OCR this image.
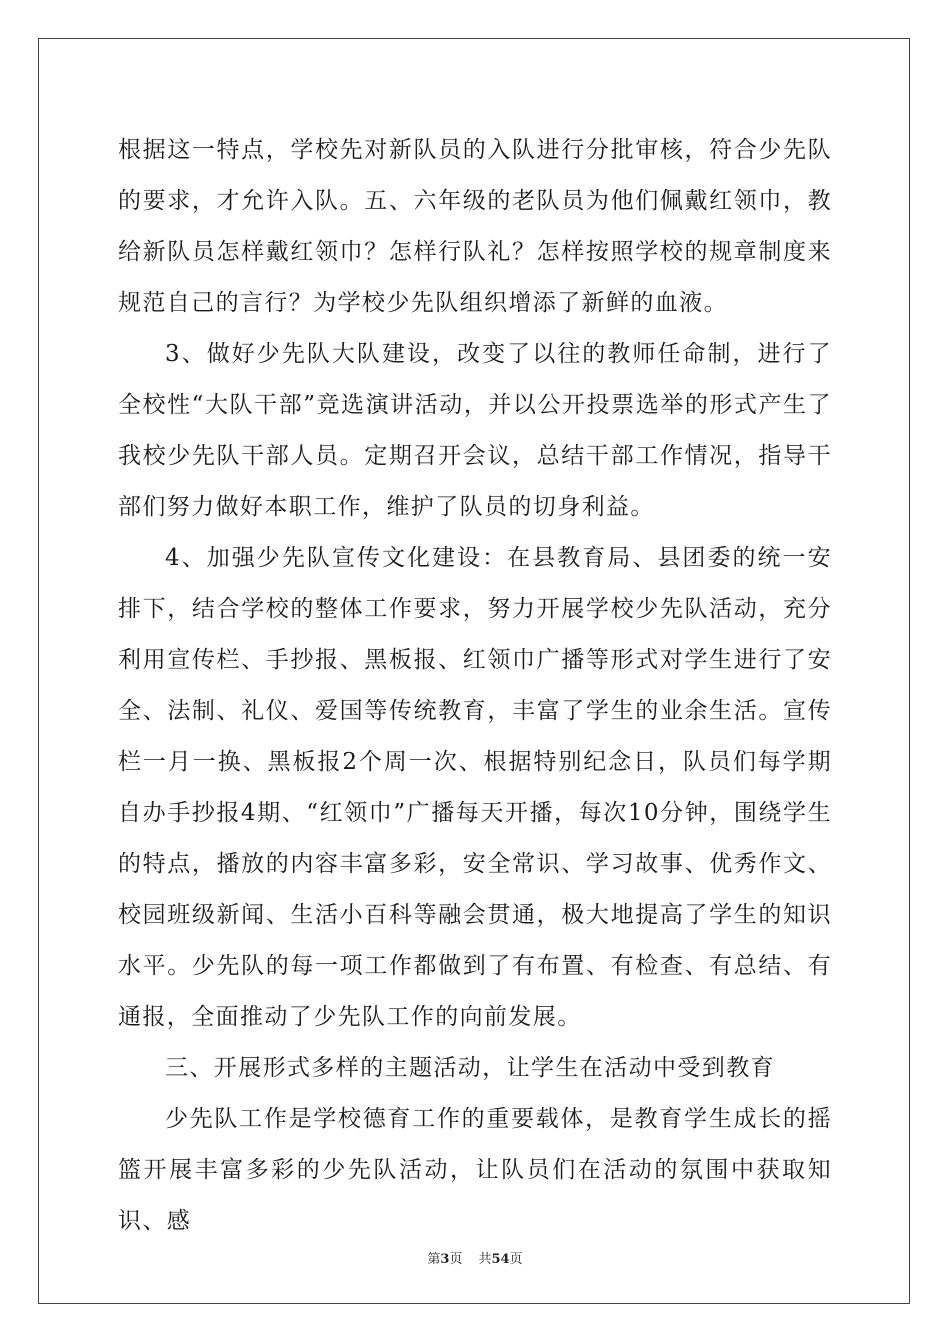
根据这一特点，学校先对新队员的入队进行分批审核，符合少先队的要求，才允许入队。五、六年级的老队员为他们佩戴红领巾，教给新队员怎样戴红领巾？怎样行队礼？怎样按照学校的规章制度来规范自己的言行？为学校少先队组织增添了新鲜的血液。

3、做好少先队大队建设，改变了以往的教师任命制，进行了全校性“大队干部”竞选演讲活动，并以公开投票选举的形式产生了我校少先队干部人员。定期召开会议，总结干部工作情况，指导干部们努力做好本职工作，维护了队员的切身利益。

4、加强少先队宣传文化建设：在县教育局、县团委的统一安排下，结合学校的整体工作要求，努力开展学校少先队活动，充分利用宣传栏、手抄报、黑板报、红领巾广播等形式对学生进行了安全、法制、礼仪、爱国等传统教育，丰富了学生的业余生活。宣传栏一月一换、黑板报2个周一次、根据特别纪念日，队员们每学期自办手抄报4期、“红领巾”广播每天开播，每次10分钟，围绕学生的特点，播放的内容丰富多彩，安全常识、学习故事、优秀作文、校园班级新闻、生活小百科等融会贯通，极大地提高了学生的知识水平。少先队的每一项工作都做到了有布置、有检查、有总结、有通报，全面推动了少先队工作的向前发展。

三、开展形式多样的主题活动，让学生在活动中受到教育

少先队工作是学校德育工作的重要载体，是教育学生成长的摇篮开展丰富多彩的少先队活动，让队员们在活动的氛围中获取知识、感

第3页 共54页
